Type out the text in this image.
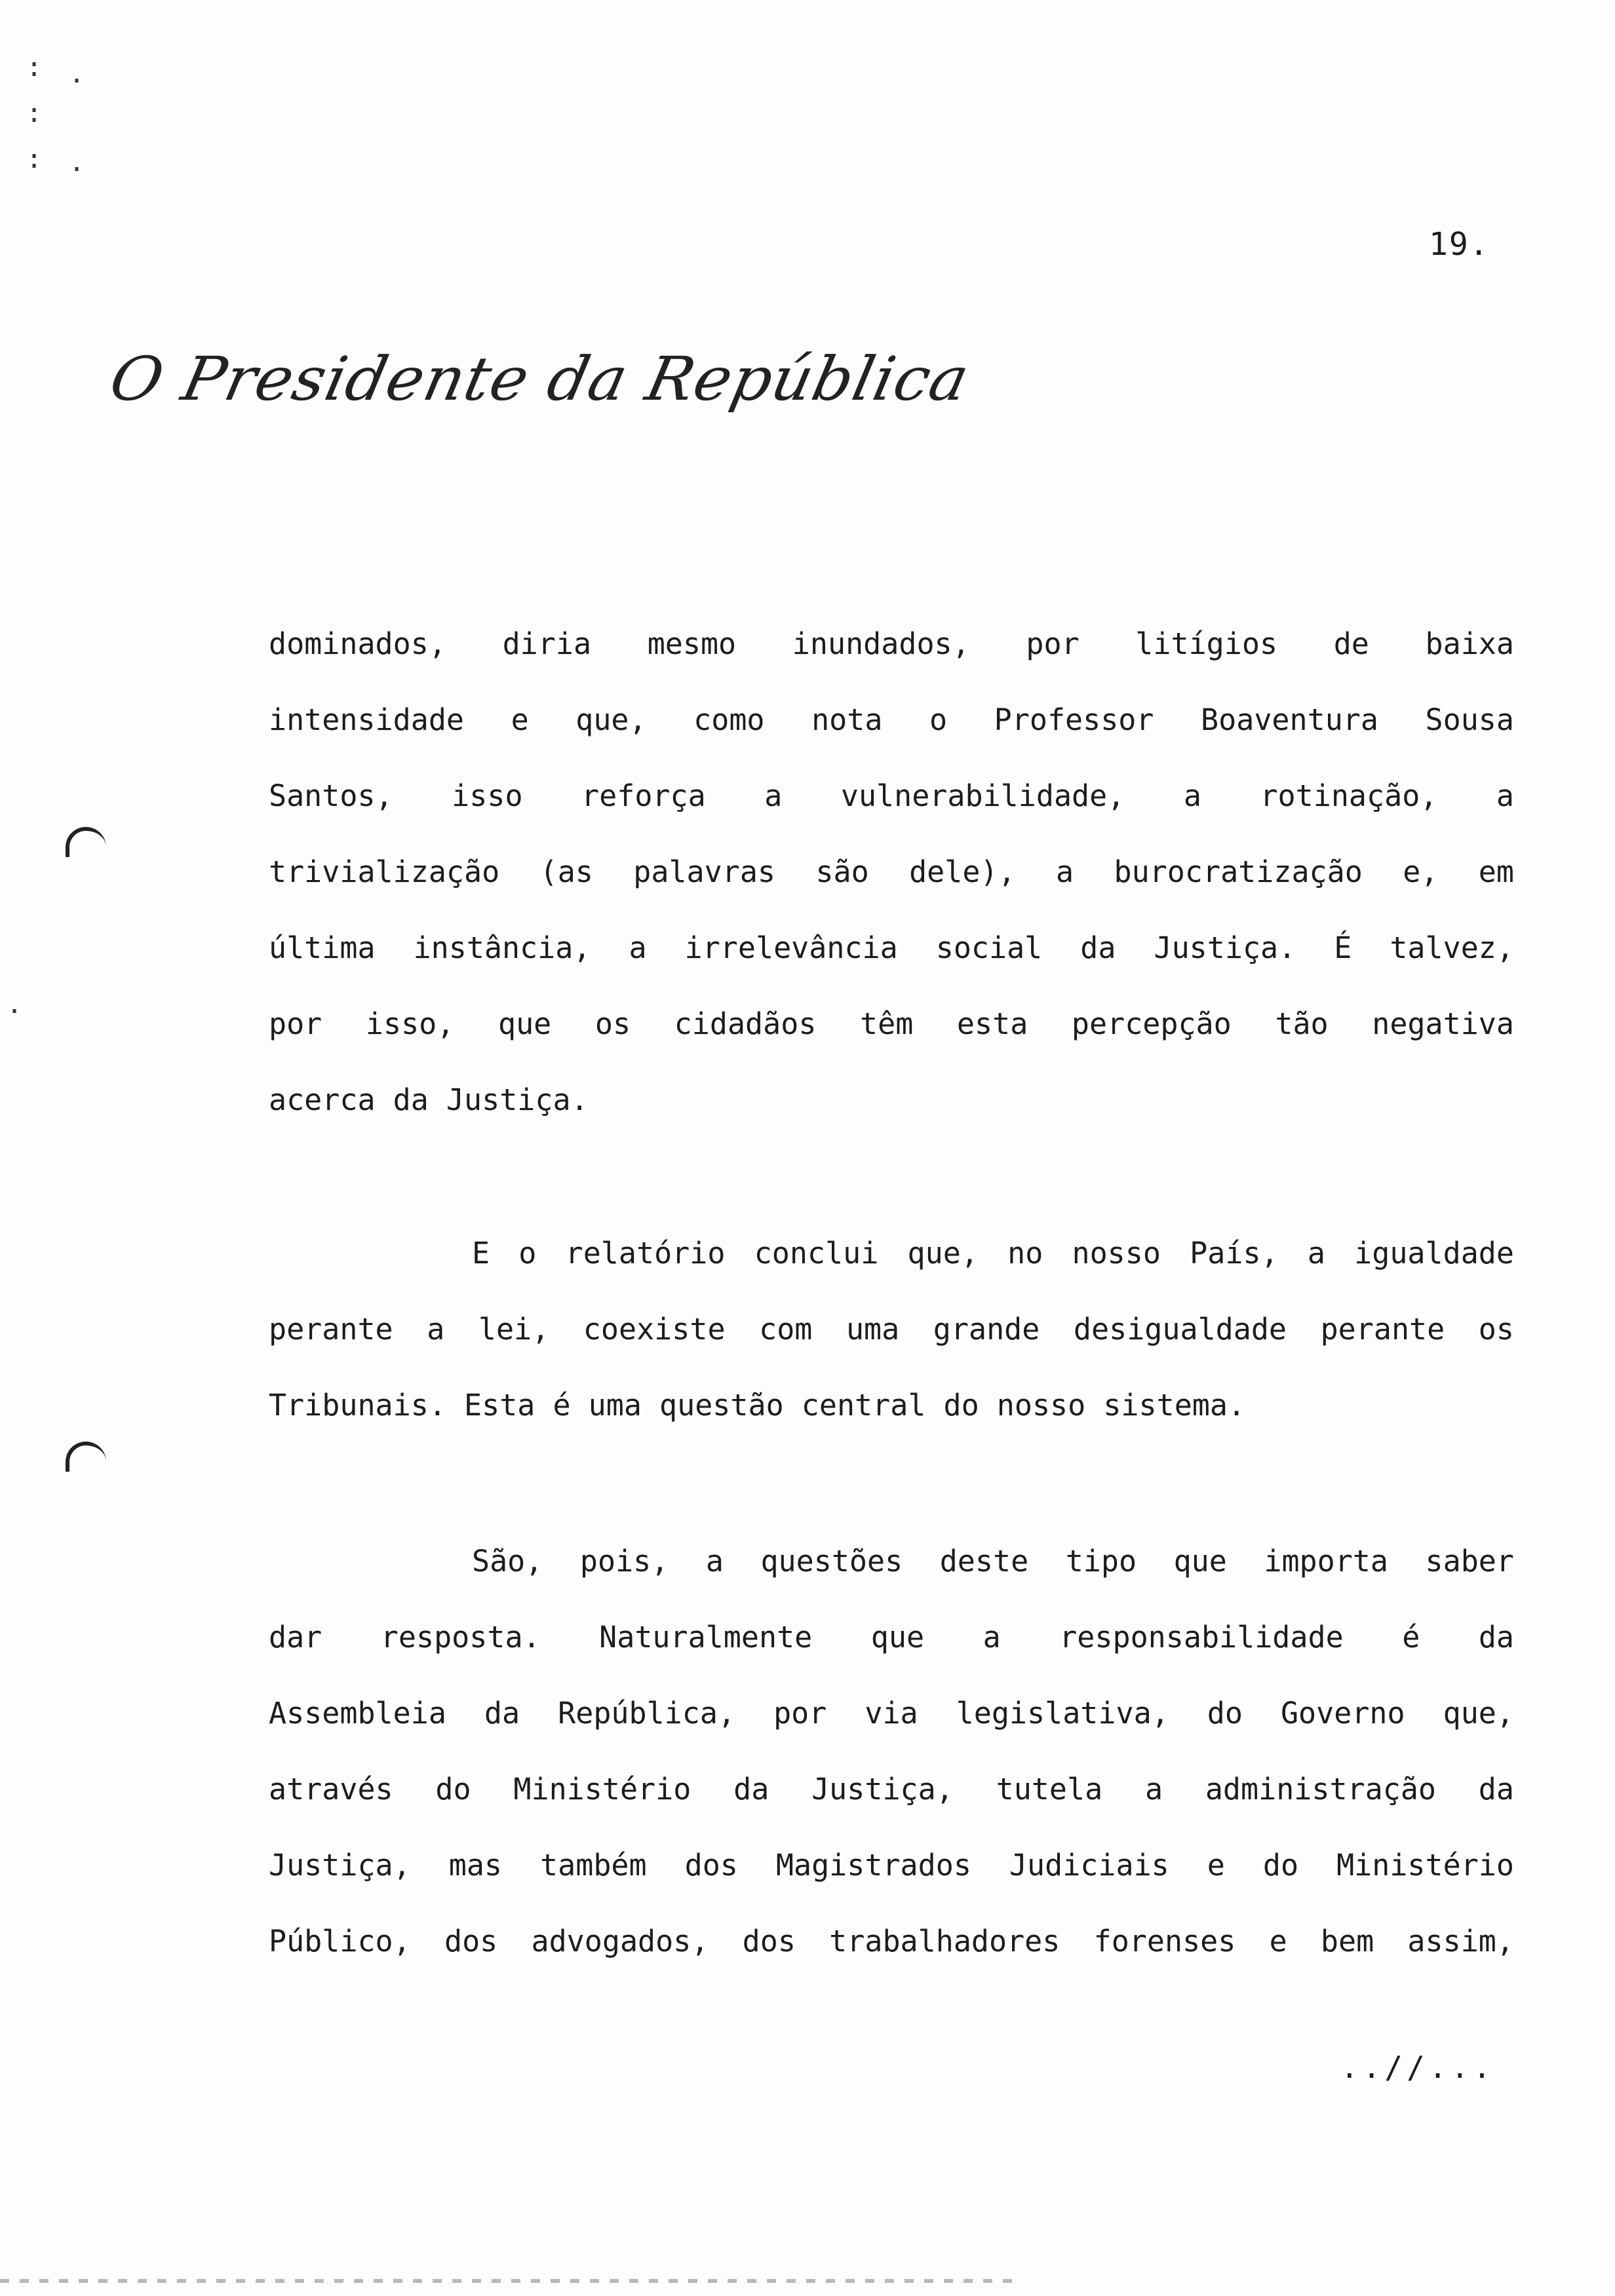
: .
:
: .
.
19.
O Presidente da República
dominados, diria mesmo inundados, por litígios de baixa
intensidade e que, como nota o Professor Boaventura Sousa
Santos, isso reforça a vulnerabilidade, a rotinação, a
trivialização (as palavras são dele), a burocratização e, em
última instância, a irrelevância social da Justiça. É talvez,
por isso, que os cidadãos têm esta percepção tão negativa
acerca da Justiça.
E o relatório conclui que, no nosso País, a igualdade
perante a lei, coexiste com uma grande desigualdade perante os
Tribunais. Esta é uma questão central do nosso sistema.
São, pois, a questões deste tipo que importa saber
dar resposta. Naturalmente que a responsabilidade é da
Assembleia da República, por via legislativa, do Governo que,
através do Ministério da Justiça, tutela a administração da
Justiça, mas também dos Magistrados Judiciais e do Ministério
Público, dos advogados, dos trabalhadores forenses e bem assim,
..//...
